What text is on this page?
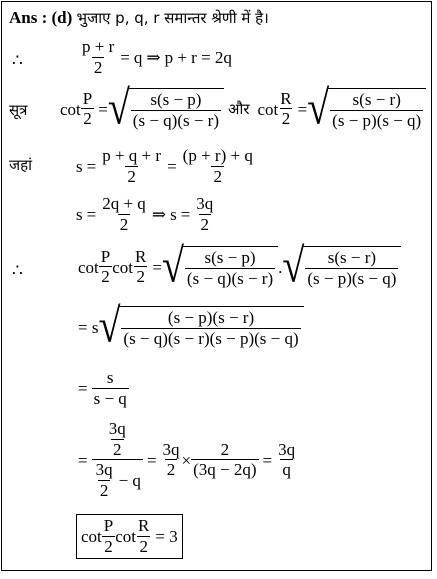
Ans : (d) भुजाए p, q, r समान्तर श्रेणी में है।
∴	$\frac{p + r}{2} = q$ ⇒ p + r = 2q
सूत्र $\cot \frac{P}{2}$ = √ $\frac{s(s - p)}{(s - q)(s - r)}$ और $\cot \frac{R}{2}$ = √ $\frac{s(s - r)}{(s - p)(s - q)}$
जहां	$s = \frac{p + q + r}{2} = \frac{(p + r) + q}{2}$
$s = \frac{2q + q}{2}$ ⇒ $s = \frac{3q}{2}$
∴	$\cot \frac{P}{2}$ $\cot \frac{R}{2}$ = √ $\frac{s(s - p)}{(s - q)(s - r)}$ . √ $\frac{s(s - r)}{(s - p)(s - q)}$
= s √ $\frac{(s - p)(s - r)}{(s - q)(s - r)(s - p)(s - q)}$
= $\frac{s}{s - q}$
= $\frac{\frac{3q}{2}}{\frac{3q}{2} - q} = \frac{3q}{2} \times \frac{2}{(3q - 2q)} = \frac{3q}{q}$
$\cot \frac{P}{2}$ $\cot \frac{R}{2} = 3$
